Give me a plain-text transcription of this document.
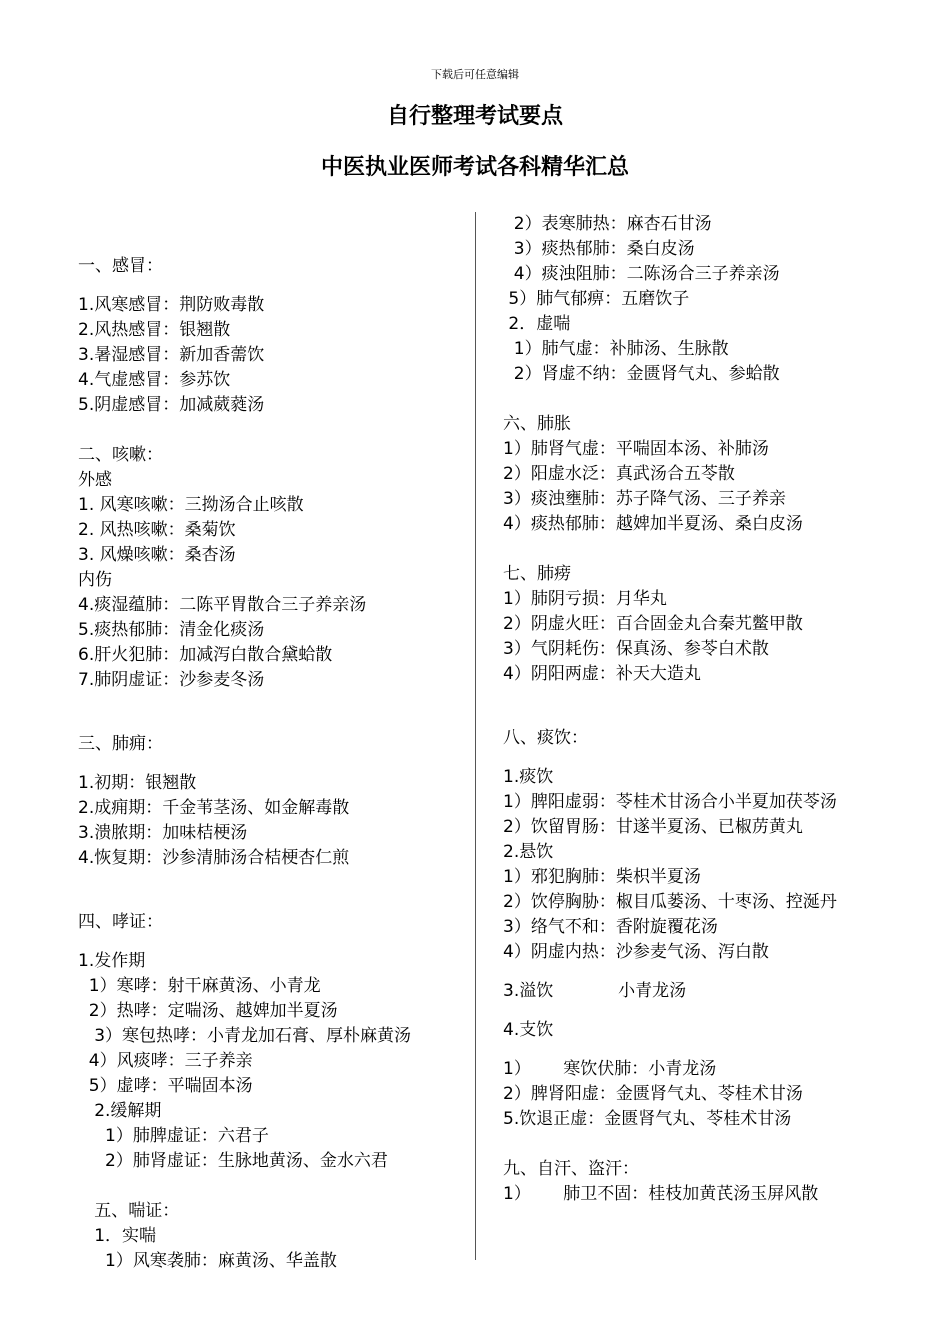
下载后可任意编辑
自行整理考试要点
中医执业医师考试各科精华汇总
一、感冒：
1.风寒感冒：荆防败毒散
2.风热感冒：银翘散
3.暑湿感冒：新加香薷饮
4.气虚感冒：参苏饮
5.阴虚感冒：加减葳蕤汤
二、咳嗽：
外感
1. 风寒咳嗽：三拗汤合止咳散
2. 风热咳嗽：桑菊饮
3. 风燥咳嗽：桑杏汤
内伤
4.痰湿蕴肺：二陈平胃散合三子养亲汤
5.痰热郁肺：清金化痰汤
6.肝火犯肺：加减泻白散合黛蛤散
7.肺阴虚证：沙参麦冬汤
三、肺痈：
1.初期：银翘散
2.成痈期：千金苇茎汤、如金解毒散
3.溃脓期：加味桔梗汤
4.恢复期：沙参清肺汤合桔梗杏仁煎
四、哮证：
1.发作期
1）寒哮：射干麻黄汤、小青龙
2）热哮：定喘汤、越婢加半夏汤
3）寒包热哮：小青龙加石膏、厚朴麻黄汤
4）风痰哮：三子养亲
5）虚哮：平喘固本汤
2.缓解期
1）肺脾虚证：六君子
2）肺肾虚证：生脉地黄汤、金水六君
五、喘证：
1．实喘
1）风寒袭肺：麻黄汤、华盖散
2）表寒肺热：麻杏石甘汤
3）痰热郁肺：桑白皮汤
4）痰浊阻肺：二陈汤合三子养亲汤
5）肺气郁痹：五磨饮子
2．虚喘
1）肺气虚：补肺汤、生脉散
2）肾虚不纳：金匮肾气丸、参蛤散
六、肺胀
1）肺肾气虚：平喘固本汤、补肺汤
2）阳虚水泛：真武汤合五苓散
3）痰浊壅肺：苏子降气汤、三子养亲
4）痰热郁肺：越婢加半夏汤、桑白皮汤
七、肺痨
1）肺阴亏损：月华丸
2）阴虚火旺：百合固金丸合秦艽鳖甲散
3）气阴耗伤：保真汤、参苓白术散
4）阴阳两虚：补天大造丸
八、痰饮：
1.痰饮
1）脾阳虚弱：苓桂术甘汤合小半夏加茯苓汤
2）饮留胃肠：甘遂半夏汤、已椒苈黄丸
2.悬饮
1）邪犯胸肺：柴枳半夏汤
2）饮停胸胁：椒目瓜蒌汤、十枣汤、控涎丹
3）络气不和：香附旋覆花汤
4）阴虚内热：沙参麦气汤、泻白散
3.溢饮            小青龙汤
4.支饮
1）      寒饮伏肺：小青龙汤
2）脾肾阳虚：金匮肾气丸、苓桂术甘汤
5.饮退正虚：金匮肾气丸、苓桂术甘汤
九、自汗、盗汗：
1）      肺卫不固：桂枝加黄芪汤玉屏风散
